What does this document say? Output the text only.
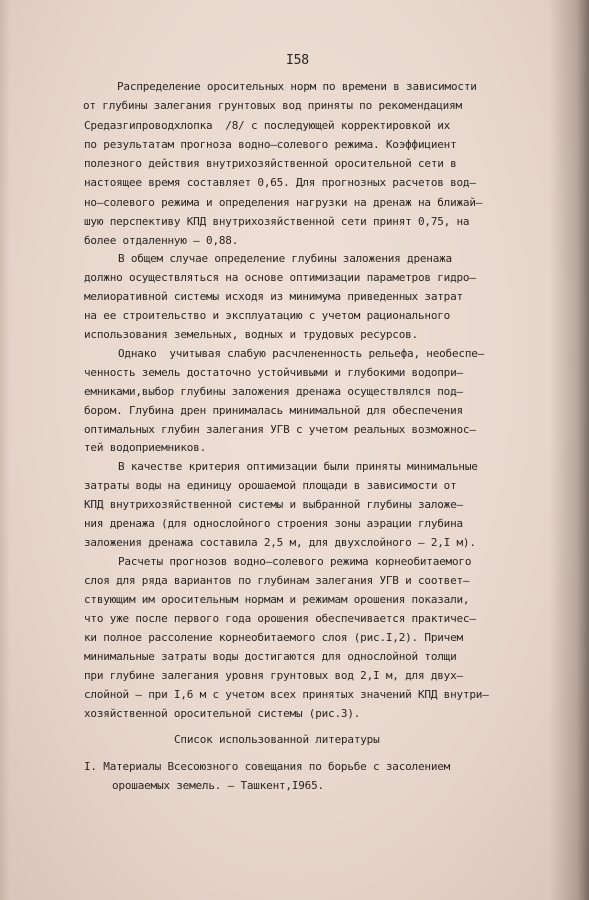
I58
Распределение оросительных норм по времени в зависимости
от глубины залегания грунтовых вод приняты по рекомендациям
Средазгипроводхлопка  /8/ с последующей корректировкой их
по результатам прогноза водно–солевого режима. Коэффициент
полезного действия внутрихозяйственной оросительной сети в
настоящее время составляет 0,65. Для прогнозных расчетов вод–
но–солевого режима и определения нагрузки на дренаж на ближай–
шую перспективу КПД внутрихозяйственной сети принят 0,75, на
более отдаленную – 0,88.
В общем случае определение глубины заложения дренажа
должно осуществляться на основе оптимизации параметров гидро–
мелиоративной системы исходя из минимума приведенных затрат
на ее строительство и эксплуатацию с учетом рационального
использования земельных, водных и трудовых ресурсов.
Однако  учитывая слабую расчлененность рельефа, необеспе–
ченность земель достаточно устойчивыми и глубокими водопри–
емниками,выбор глубины заложения дренажа осуществлялся под–
бором. Глубина дрен принималась минимальной для обеспечения
оптимальных глубин залегания УГВ с учетом реальных возможнос–
тей водоприемников.
В качестве критерия оптимизации были приняты минимальные
затраты воды на единицу орошаемой площади в зависимости от
КПД внутрихозяйственной системы и выбранной глубины заложе–
ния дренажа (для однослойного строения зоны аэрации глубина
заложения дренажа составила 2,5 м, для двухслойного – 2,I м).
Расчеты прогнозов водно–солевого режима корнеобитаемого
слоя для ряда вариантов по глубинам залегания УГВ и соответ–
ствующим им оросительным нормам и режимам орошения показали,
что уже после первого года орошения обеспечивается практичес–
ки полное рассоление корнеобитаемого слоя (рис.I,2). Причем
минимальные затраты воды достигаются для однослойной толщи
при глубине залегания уровня грунтовых вод 2,I м, для двух–
слойной – при I,6 м с учетом всех принятых значений КПД внутри–
хозяйственной оросительной системы (рис.3).
Список использованной литературы
I. Материалы Всесоюзного совещания по борьбе с засолением
орошаемых земель. – Ташкент,I965.
